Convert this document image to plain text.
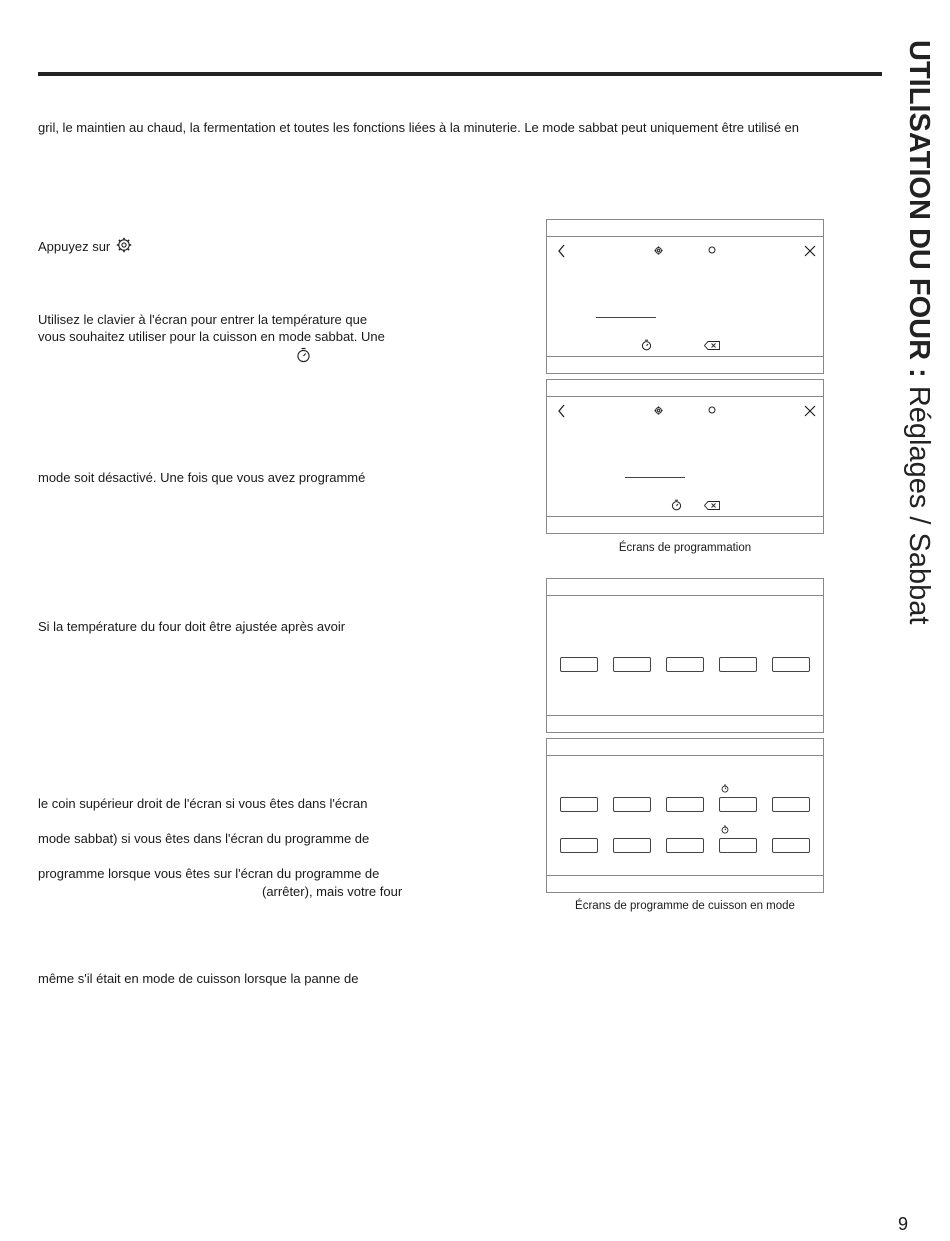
UTILISATION DU FOUR : Réglages / Sabbat
gril, le maintien au chaud, la fermentation et toutes les fonctions liées à la minuterie. Le mode sabbat peut uniquement être utilisé en
Appuyez sur
Utilisez le clavier à l'écran pour entrer la température que
vous souhaitez utiliser pour la cuisson en mode sabbat. Une
mode soit désactivé. Une fois que vous avez programmé
Si la température du four doit être ajustée après avoir
le coin supérieur droit de l'écran si vous êtes dans l'écran
mode sabbat) si vous êtes dans l'écran du programme de
programme lorsque vous êtes sur l'écran du programme de
(arrêter), mais votre four
même s'il était en mode de cuisson lorsque la panne de
Écrans de programmation
Écrans de programme de cuisson en mode
9
